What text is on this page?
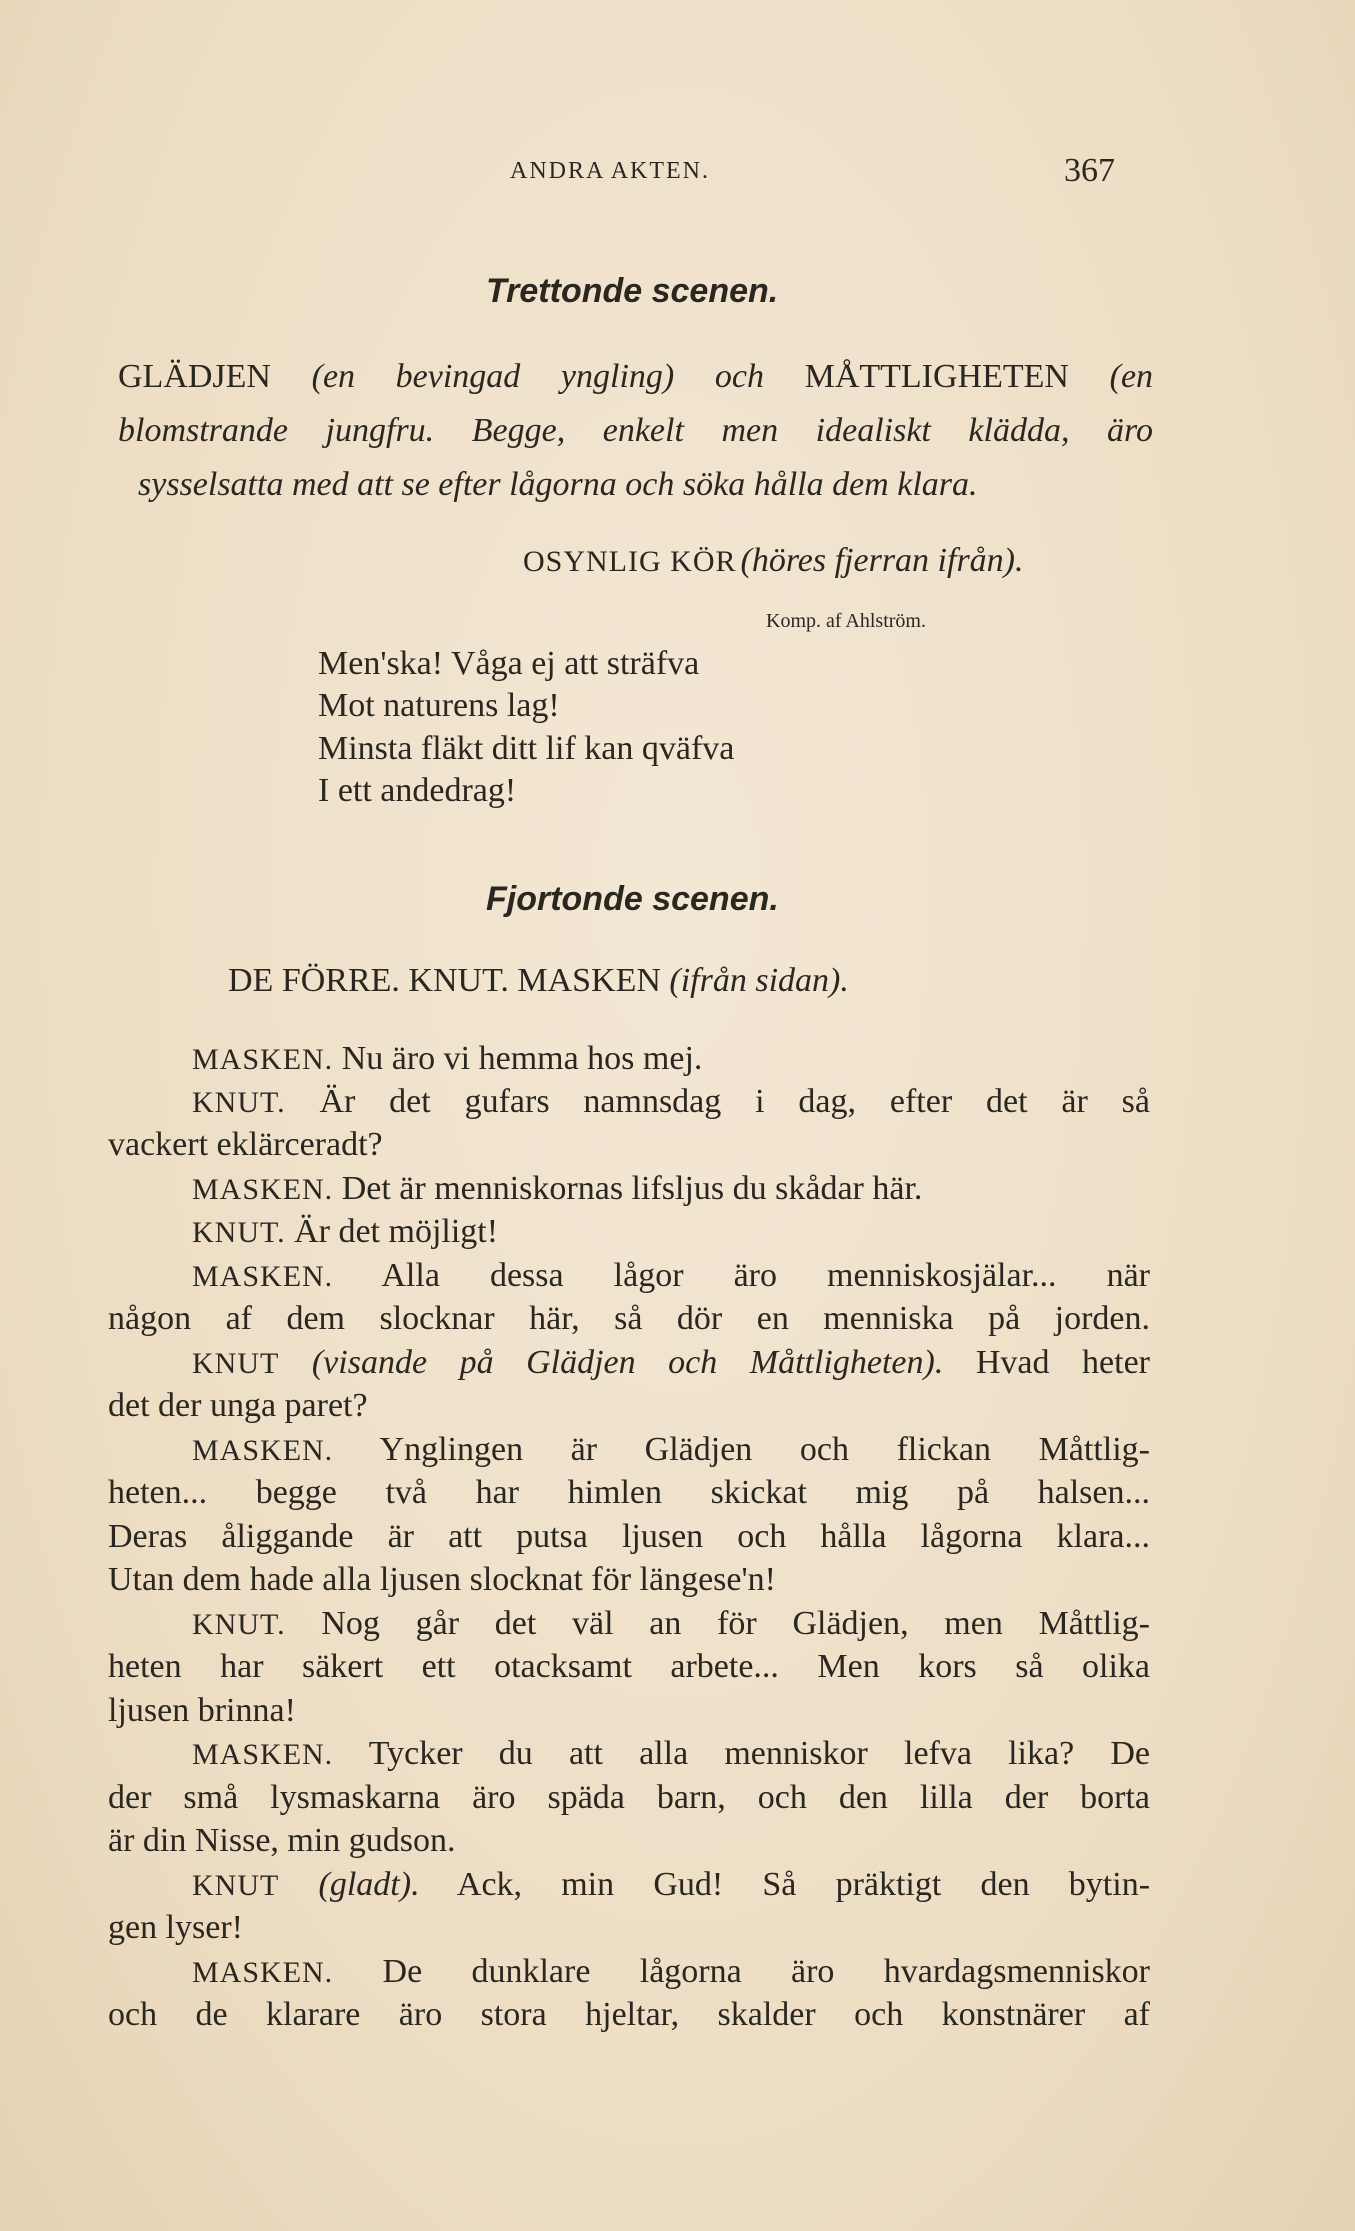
ANDRA AKTEN.	367
Trettonde scenen.
GLÄDJEN (en bevingad yngling) och MÅTTLIGHETEN (en
blomstrande jungfru. Begge, enkelt men idealiskt klädda, äro
sysselsatta med att se efter lågorna och söka hålla dem klara.
OSYNLIG KÖR (höres fjerran ifrån).
Komp. af Ahlström.
Men'ska! Våga ej att sträfva
Mot naturens lag!
Minsta fläkt ditt lif kan qväfva
I ett andedrag!
Fjortonde scenen.
DE FÖRRE. KNUT. MASKEN (ifrån sidan).
MASKEN. Nu äro vi hemma hos mej.
KNUT. Är det gufars namnsdag i dag, efter det är så
vackert eklärceradt?
MASKEN. Det är menniskornas lifsljus du skådar här.
KNUT. Är det möjligt!
MASKEN. Alla dessa lågor äro menniskosjälar... när
någon af dem slocknar här, så dör en menniska på jorden.
KNUT (visande på Glädjen och Måttligheten). Hvad heter
det der unga paret?
MASKEN. Ynglingen är Glädjen och flickan Måttlig-
heten... begge två har himlen skickat mig på halsen...
Deras åliggande är att putsa ljusen och hålla lågorna klara...
Utan dem hade alla ljusen slocknat för längese'n!
KNUT. Nog går det väl an för Glädjen, men Måttlig-
heten har säkert ett otacksamt arbete... Men kors så olika
ljusen brinna!
MASKEN. Tycker du att alla menniskor lefva lika? De
der små lysmaskarna äro späda barn, och den lilla der borta
är din Nisse, min gudson.
KNUT (gladt). Ack, min Gud! Så präktigt den bytin-
gen lyser!
MASKEN. De dunklare lågorna äro hvardagsmenniskor
och de klarare äro stora hjeltar, skalder och konstnärer af
